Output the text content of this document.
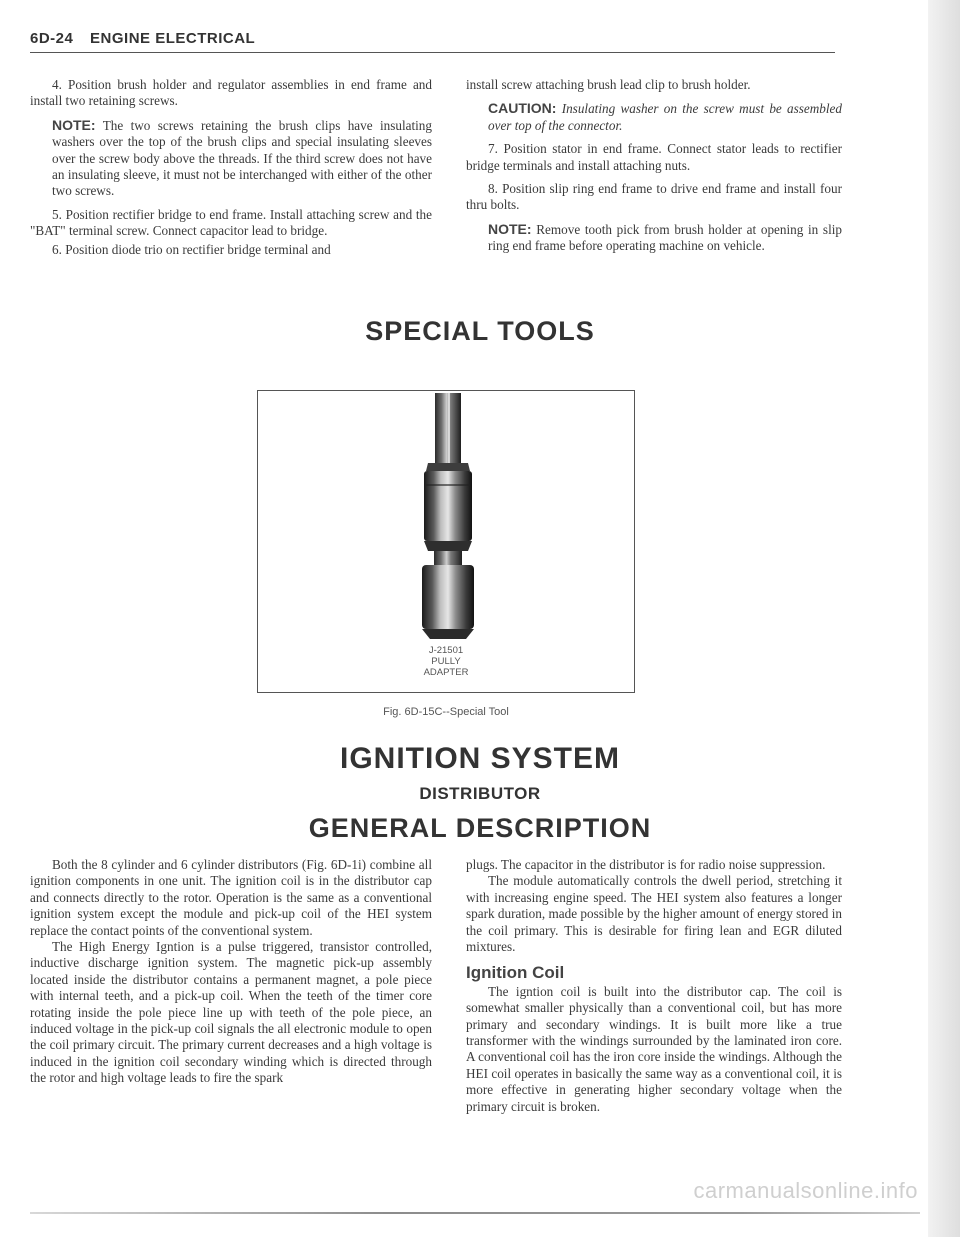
6D-24 ENGINE ELECTRICAL

4. Position brush holder and regulator assemblies in end frame and install two retaining screws.

NOTE: The two screws retaining the brush clips have insulating washers over the top of the brush clips and special insulating sleeves over the screw body above the threads. If the third screw does not have an insulating sleeve, it must not be interchanged with either of the other two screws.

5. Position rectifier bridge to end frame. Install attaching screw and the "BAT" terminal screw. Connect capacitor lead to bridge.

6. Position diode trio on rectifier bridge terminal and

install screw attaching brush lead clip to brush holder.

CAUTION: Insulating washer on the screw must be assembled over top of the connector.

7. Position stator in end frame. Connect stator leads to rectifier bridge terminals and install attaching nuts.

8. Position slip ring end frame to drive end frame and install four thru bolts.

NOTE: Remove tooth pick from brush holder at opening in slip ring end frame before operating machine on vehicle.

SPECIAL TOOLS
J-21501
PULLY
ADAPTER
Fig. 6D-15C--Special Tool
IGNITION SYSTEM
DISTRIBUTOR
GENERAL DESCRIPTION

Both the 8 cylinder and 6 cylinder distributors (Fig. 6D-1i) combine all ignition components in one unit. The ignition coil is in the distributor cap and connects directly to the rotor. Operation is the same as a conventional ignition system except the module and pick-up coil of the HEI system replace the contact points of the conventional system.

The High Energy Igntion is a pulse triggered, transistor controlled, inductive discharge ignition system. The magnetic pick-up assembly located inside the distributor contains a permanent magnet, a pole piece with internal teeth, and a pick-up coil. When the teeth of the timer core rotating inside the pole piece line up with teeth of the pole piece, an induced voltage in the pick-up coil signals the all electronic module to open the coil primary circuit. The primary current decreases and a high voltage is induced in the ignition coil secondary winding which is directed through the rotor and high voltage leads to fire the spark

plugs. The capacitor in the distributor is for radio noise suppression.

The module automatically controls the dwell period, stretching it with increasing engine speed. The HEI system also features a longer spark duration, made possible by the higher amount of energy stored in the coil primary. This is desirable for firing lean and EGR diluted mixtures.

Ignition Coil

The igntion coil is built into the distributor cap. The coil is somewhat smaller physically than a conventional coil, but has more primary and secondary windings. It is built more like a true transformer with the windings surrounded by the laminated iron core. A conventional coil has the iron core inside the windings. Although the HEI coil operates in basically the same way as a conventional coil, it is more effective in generating higher secondary voltage when the primary circuit is broken.

carmanualsonline.info
